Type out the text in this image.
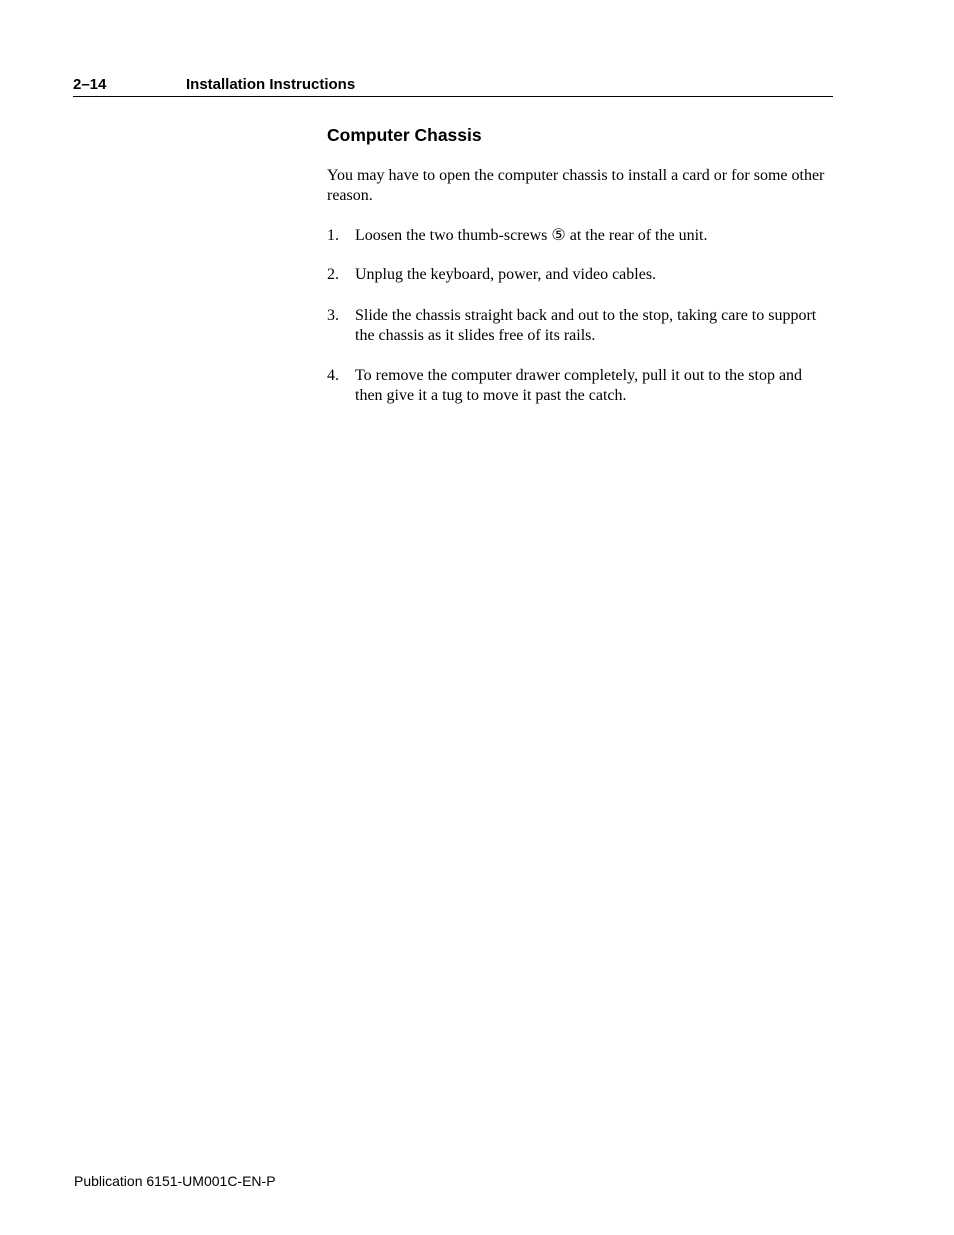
2–14	Installation Instructions
Computer Chassis

You may have to open the computer chassis to install a card or for some other reason.

1. Loosen the two thumb-screws ⑤ at the rear of the unit.
2. Unplug the keyboard, power, and video cables.
3. Slide the chassis straight back and out to the stop, taking care to support the chassis as it slides free of its rails.
4. To remove the computer drawer completely, pull it out to the stop and then give it a tug to move it past the catch.
Publication 6151-UM001C-EN-P
